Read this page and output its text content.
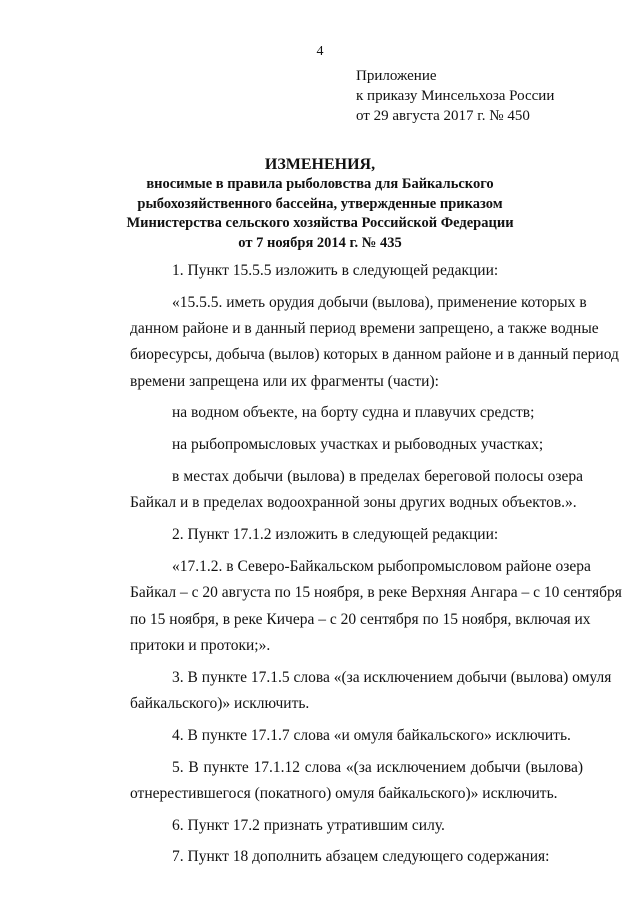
4
Приложение
к приказу Минсельхоза России
от 29 августа 2017 г. № 450
ИЗМЕНЕНИЯ,
вносимые в правила рыболовства для Байкальского
рыбохозяйственного бассейна, утвержденные приказом
Министерства сельского хозяйства Российской Федерации
от 7 ноября 2014 г. № 435
1. Пункт 15.5.5 изложить в следующей редакции:
«15.5.5. иметь орудия добычи (вылова), применение которых в
данном районе и в данный период времени запрещено, а также водные
биоресурсы, добыча (вылов) которых в данном районе и в данный период
времени запрещена или их фрагменты (части):
на водном объекте, на борту судна и плавучих средств;
на рыбопромысловых участках и рыбоводных участках;
в местах добычи (вылова) в пределах береговой полосы озера
Байкал и в пределах водоохранной зоны других водных объектов.».
2. Пункт 17.1.2 изложить в следующей редакции:
«17.1.2. в Северо-Байкальском рыбопромысловом районе озера
Байкал – с 20 августа по 15 ноября, в реке Верхняя Ангара – с 10 сентября
по 15 ноября, в реке Кичера – с 20 сентября по 15 ноября, включая их
притоки и протоки;».
3. В пункте 17.1.5 слова «(за исключением добычи (вылова) омуля
байкальского)» исключить.
4. В пункте 17.1.7 слова «и омуля байкальского» исключить.
5. В пункте 17.1.12 слова «(за исключением добычи (вылова)
отнерестившегося (покатного) омуля байкальского)» исключить.
6. Пункт 17.2 признать утратившим силу.
7. Пункт 18 дополнить абзацем следующего содержания:
